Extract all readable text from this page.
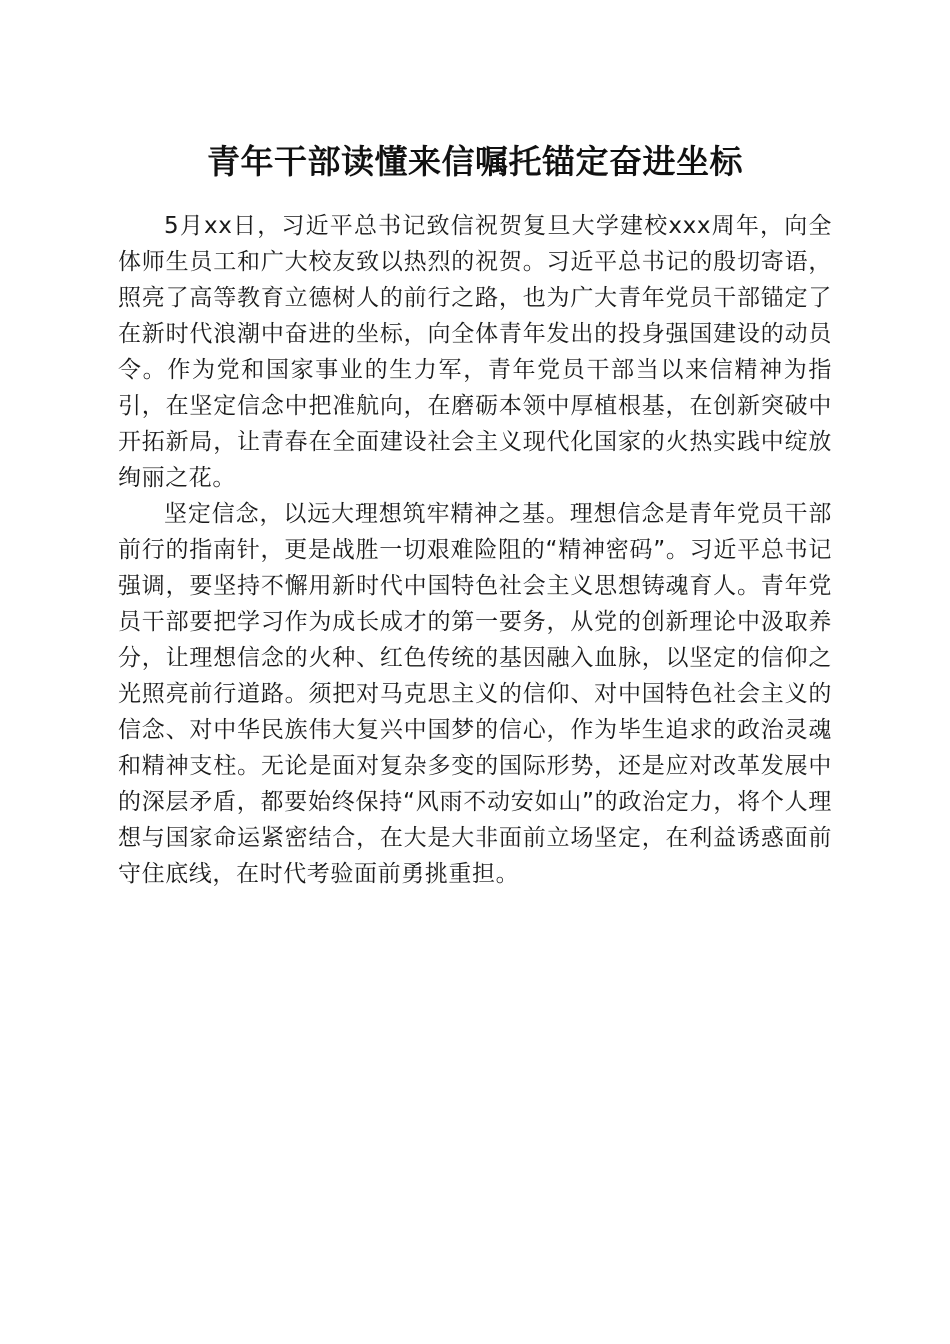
青年干部读懂来信嘱托锚定奋进坐标

5月xx日，习近平总书记致信祝贺复旦大学建校xxx周年，向全体师生员工和广大校友致以热烈的祝贺。习近平总书记的殷切寄语，照亮了高等教育立德树人的前行之路，也为广大青年党员干部锚定了在新时代浪潮中奋进的坐标，向全体青年发出的投身强国建设的动员令。作为党和国家事业的生力军，青年党员干部当以来信精神为指引，在坚定信念中把准航向，在磨砺本领中厚植根基，在创新突破中开拓新局，让青春在全面建设社会主义现代化国家的火热实践中绽放绚丽之花。

坚定信念，以远大理想筑牢精神之基。理想信念是青年党员干部前行的指南针，更是战胜一切艰难险阻的“精神密码”。习近平总书记强调，要坚持不懈用新时代中国特色社会主义思想铸魂育人。青年党员干部要把学习作为成长成才的第一要务，从党的创新理论中汲取养分，让理想信念的火种、红色传统的基因融入血脉，以坚定的信仰之光照亮前行道路。须把对马克思主义的信仰、对中国特色社会主义的信念、对中华民族伟大复兴中国梦的信心，作为毕生追求的政治灵魂和精神支柱。无论是面对复杂多变的国际形势，还是应对改革发展中的深层矛盾，都要始终保持“风雨不动安如山”的政治定力，将个人理想与国家命运紧密结合，在大是大非面前立场坚定，在利益诱惑面前守住底线，在时代考验面前勇挑重担。
